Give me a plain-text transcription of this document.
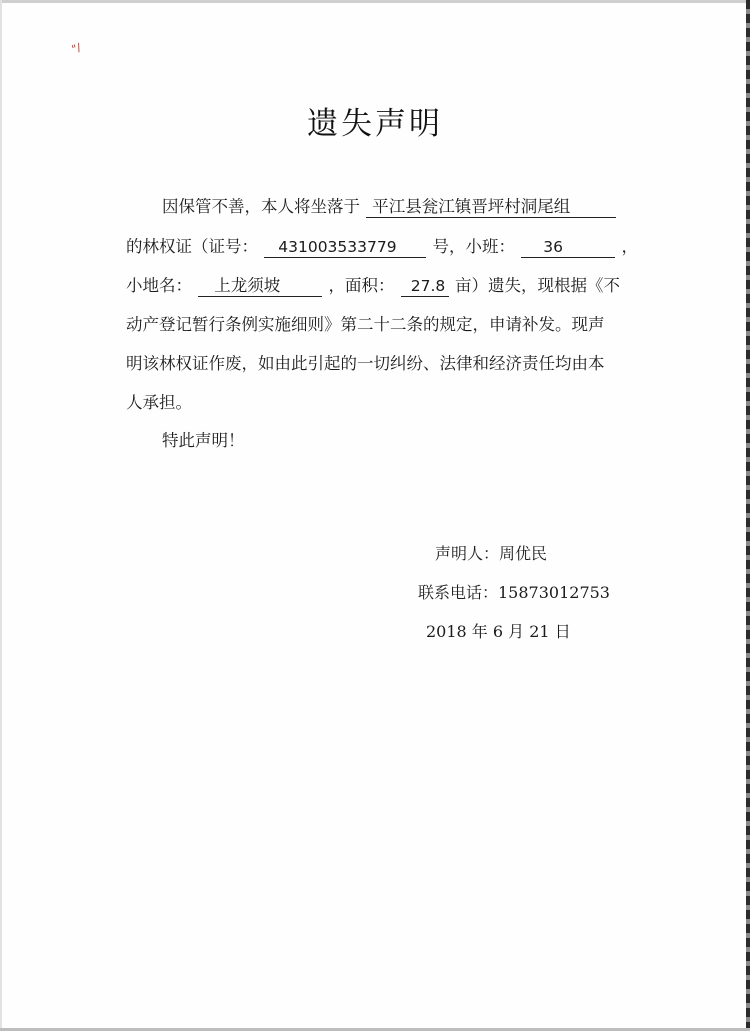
"/
遗失声明
因保管不善，本人将坐落于 平江县瓮江镇晋坪村洞尾组
的林权证（证号： 431003533779 号，小班： 36	，
小地名： 上龙须坡	，面积： 27.8 亩）遗失，现根据《不
动产登记暂行条例实施细则》第二十二条的规定，申请补发。现声
明该林权证作废，如由此引起的一切纠纷、法律和经济责任均由本
人承担。
特此声明！
声明人：周优民
联系电话：15873012753
2018 年 6 月 21 日
